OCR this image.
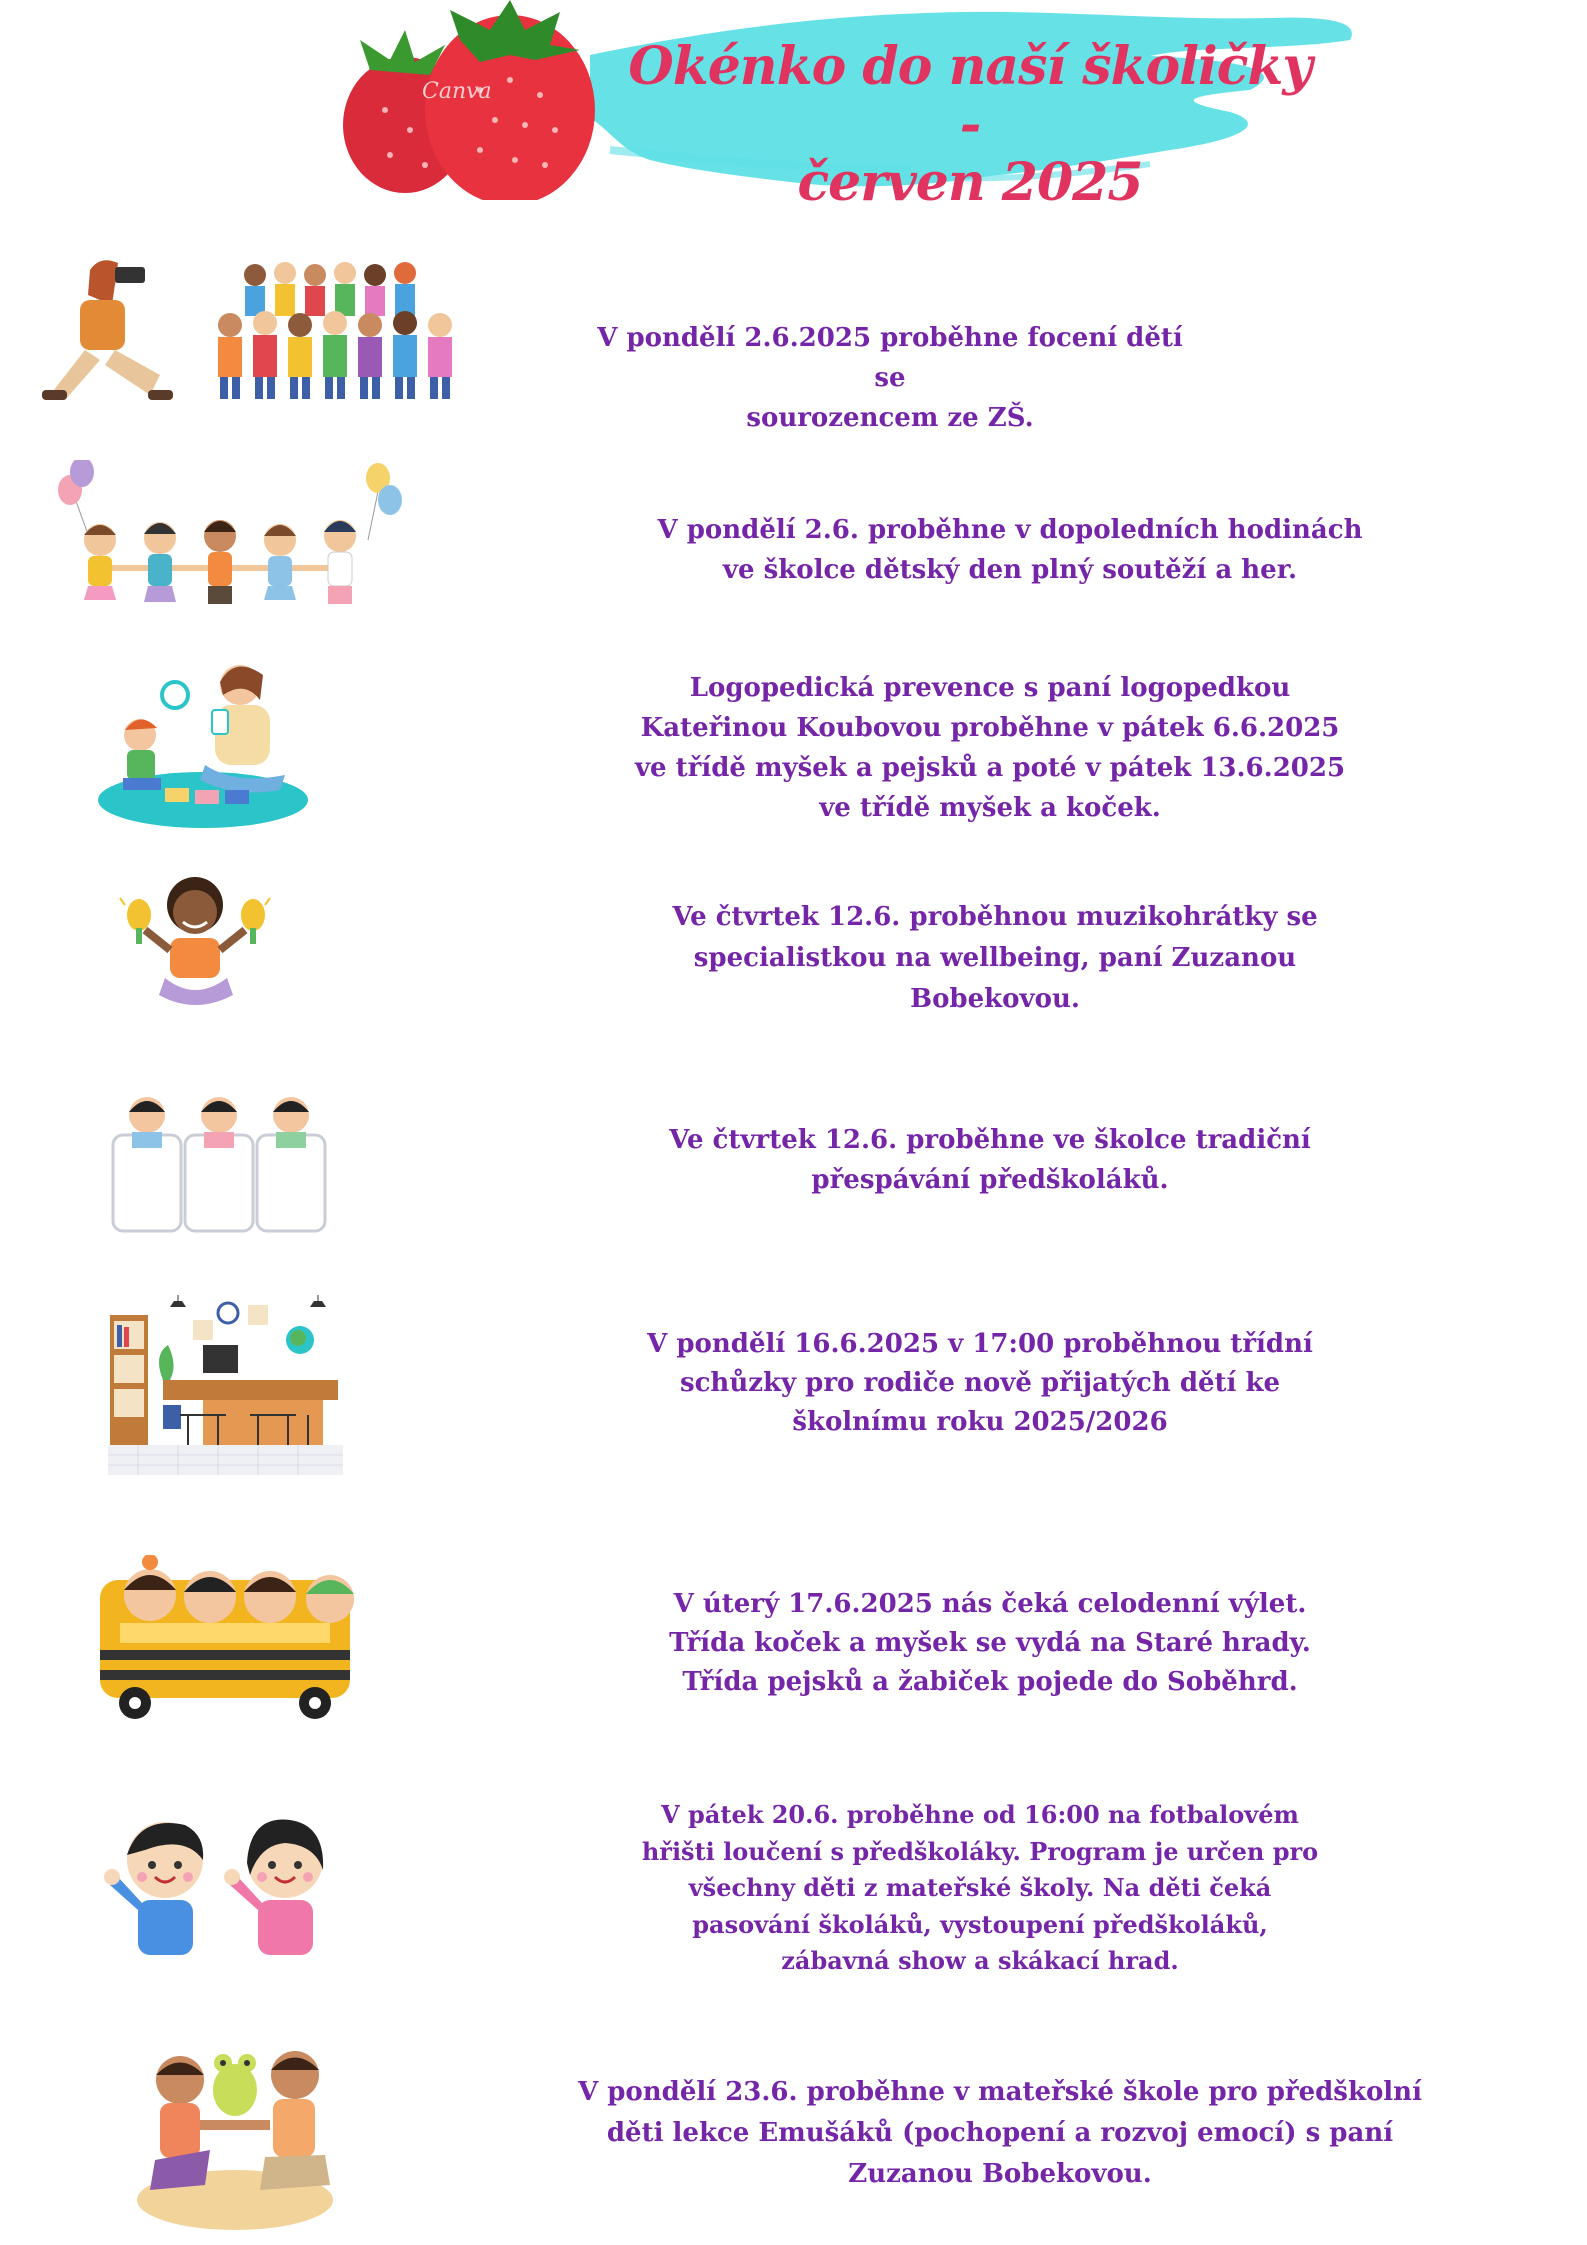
Canva	Okénko do naší školičky -
červen 2025
V pondělí 2.6.2025 proběhne focení dětí se
sourozencem ze ZŠ.
V pondělí 2.6. proběhne v dopoledních hodinách
ve školce dětský den plný soutěží a her.
Logopedická prevence s paní logopedkou
Kateřinou Koubovou proběhne v pátek 6.6.2025
ve třídě myšek a pejsků a poté v pátek 13.6.2025
ve třídě myšek a koček.
Ve čtvrtek 12.6. proběhnou muzikohrátky se
specialistkou na wellbeing, paní Zuzanou
Bobekovou.
Ve čtvrtek 12.6. proběhne ve školce tradiční
přespávání předškoláků.
V pondělí 16.6.2025 v 17:00 proběhnou třídní
schůzky pro rodiče nově přijatých dětí ke
školnímu roku 2025/2026
V úterý 17.6.2025 nás čeká celodenní výlet.
Třída koček a myšek se vydá na Staré hrady.
Třída pejsků a žabiček pojede do Soběhrd.
V pátek 20.6. proběhne od 16:00 na fotbalovém
hřišti loučení s předškoláky. Program je určen pro
všechny děti z mateřské školy. Na děti čeká
pasování školáků, vystoupení předškoláků,
zábavná show a skákací hrad.
V pondělí 23.6. proběhne v mateřské škole pro předškolní
děti lekce Emušáků (pochopení a rozvoj emocí) s paní
Zuzanou Bobekovou.
